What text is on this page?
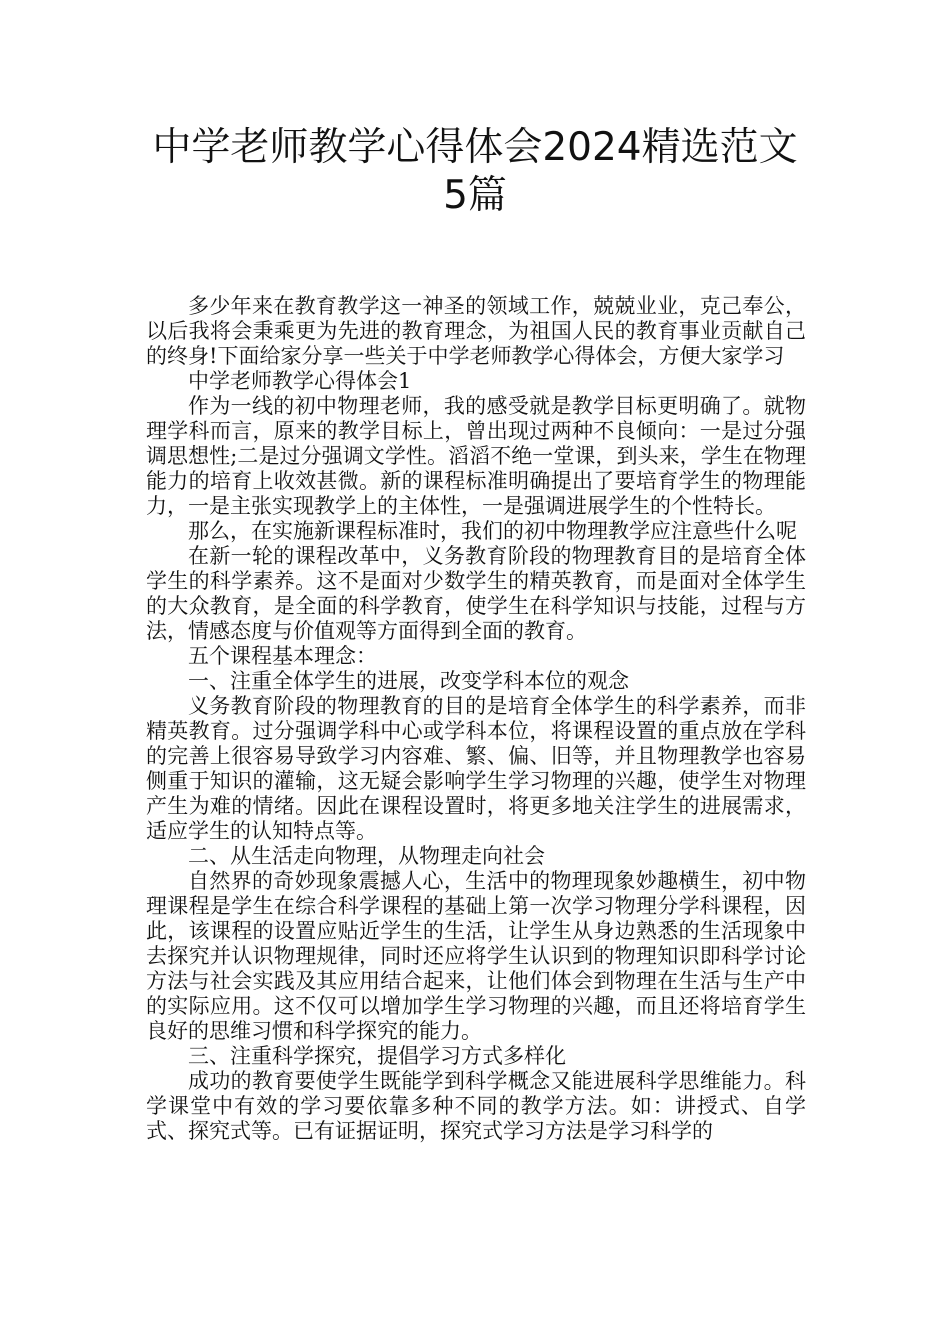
中学老师教学心得体会2024精选范文5篇

多少年来在教育教学这一神圣的领域工作，兢兢业业，克己奉公，以后我将会秉乘更为先进的教育理念，为祖国人民的教育事业贡献自己的终身!下面给家分享一些关于中学老师教学心得体会，方便大家学习

中学老师教学心得体会1

作为一线的初中物理老师，我的感受就是教学目标更明确了。就物理学科而言，原来的教学目标上，曾出现过两种不良倾向：一是过分强调思想性;二是过分强调文学性。滔滔不绝一堂课，到头来，学生在物理能力的培育上收效甚微。新的课程标准明确提出了要培育学生的物理能力，一是主张实现教学上的主体性，一是强调进展学生的个性特长。

那么，在实施新课程标准时，我们的初中物理教学应注意些什么呢

在新一轮的课程改革中，义务教育阶段的物理教育目的是培育全体学生的科学素养。这不是面对少数学生的精英教育，而是面对全体学生的大众教育，是全面的科学教育，使学生在科学知识与技能，过程与方法，情感态度与价值观等方面得到全面的教育。

五个课程基本理念：

一、注重全体学生的进展，改变学科本位的观念

义务教育阶段的物理教育的目的是培育全体学生的科学素养，而非精英教育。过分强调学科中心或学科本位，将课程设置的重点放在学科的完善上很容易导致学习内容难、繁、偏、旧等，并且物理教学也容易侧重于知识的灌输，这无疑会影响学生学习物理的兴趣，使学生对物理产生为难的情绪。因此在课程设置时，将更多地关注学生的进展需求，适应学生的认知特点等。

二、从生活走向物理，从物理走向社会

自然界的奇妙现象震撼人心，生活中的物理现象妙趣横生，初中物理课程是学生在综合科学课程的基础上第一次学习物理分学科课程，因此，该课程的设置应贴近学生的生活，让学生从身边熟悉的生活现象中去探究并认识物理规律，同时还应将学生认识到的物理知识即科学讨论方法与社会实践及其应用结合起来，让他们体会到物理在生活与生产中的实际应用。这不仅可以增加学生学习物理的兴趣，而且还将培育学生良好的思维习惯和科学探究的能力。

三、注重科学探究，提倡学习方式多样化

成功的教育要使学生既能学到科学概念又能进展科学思维能力。科学课堂中有效的学习要依靠多种不同的教学方法。如：讲授式、自学式、探究式等。已有证据证明，探究式学习方法是学习科学的
